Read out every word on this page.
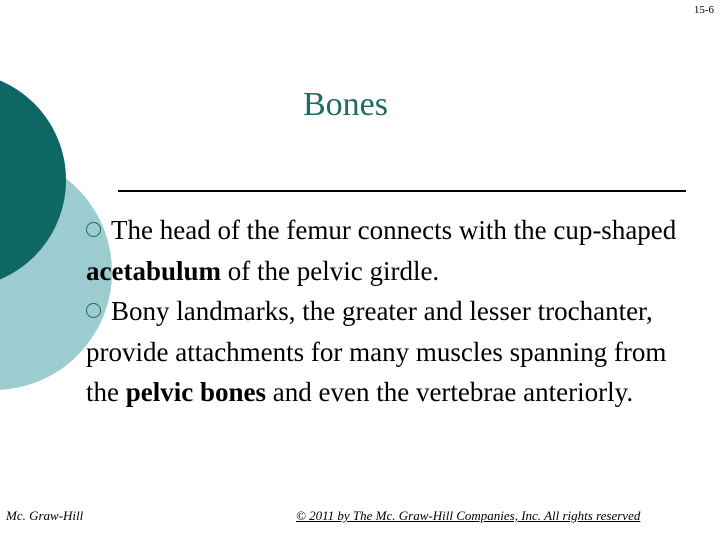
15-6
Bones
The head of the femur connects with the cup-shaped acetabulum of the pelvic girdle.
Bony landmarks, the greater and lesser trochanter, provide attachments for many muscles spanning from the pelvic bones and even the vertebrae anteriorly.
Mc. Graw-Hill	© 2011 by The Mc. Graw-Hill Companies, Inc. All rights reserved
